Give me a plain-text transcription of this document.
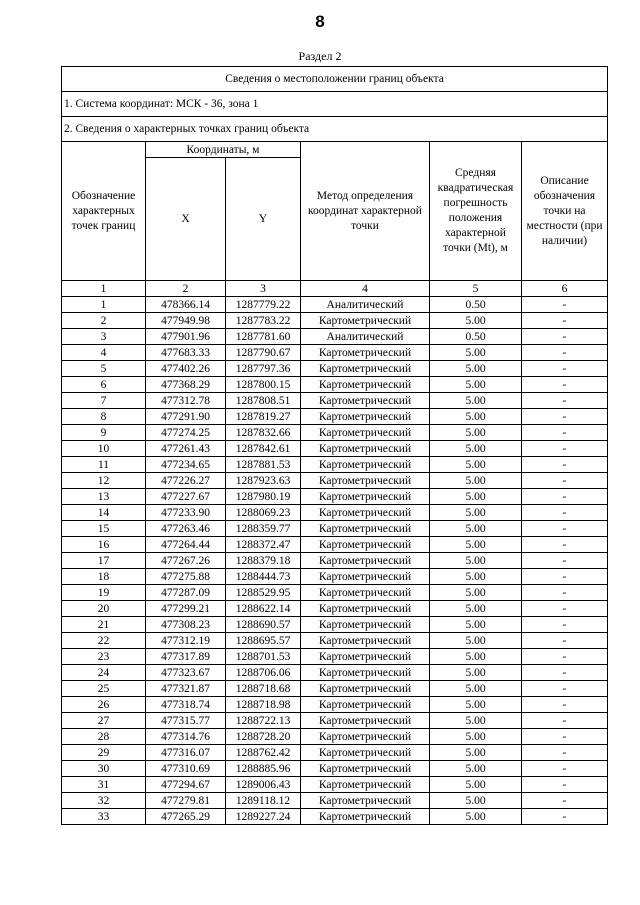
8
Раздел 2
Сведения о местоположении границ объекта					
1. Система координат: МСК - 36, зона 1					
2. Сведения о характерных точках границ объекта					
Обозначение характерных точек границ	Координаты, м		Метод определения координат характерной точки	Средняя квадратическая погрешность положения характерной точки (Mt), м	Описание обозначения точки на местности (при наличии)
	X	Y			
1	2	3	4	5	6
1	478366.14	1287779.22	Аналитический	0.50	-
2	477949.98	1287783.22	Картометрический	5.00	-
3	477901.96	1287781.60	Аналитический	0.50	-
4	477683.33	1287790.67	Картометрический	5.00	-
5	477402.26	1287797.36	Картометрический	5.00	-
6	477368.29	1287800.15	Картометрический	5.00	-
7	477312.78	1287808.51	Картометрический	5.00	-
8	477291.90	1287819.27	Картометрический	5.00	-
9	477274.25	1287832.66	Картометрический	5.00	-
10	477261.43	1287842.61	Картометрический	5.00	-
11	477234.65	1287881.53	Картометрический	5.00	-
12	477226.27	1287923.63	Картометрический	5.00	-
13	477227.67	1287980.19	Картометрический	5.00	-
14	477233.90	1288069.23	Картометрический	5.00	-
15	477263.46	1288359.77	Картометрический	5.00	-
16	477264.44	1288372.47	Картометрический	5.00	-
17	477267.26	1288379.18	Картометрический	5.00	-
18	477275.88	1288444.73	Картометрический	5.00	-
19	477287.09	1288529.95	Картометрический	5.00	-
20	477299.21	1288622.14	Картометрический	5.00	-
21	477308.23	1288690.57	Картометрический	5.00	-
22	477312.19	1288695.57	Картометрический	5.00	-
23	477317.89	1288701.53	Картометрический	5.00	-
24	477323.67	1288706.06	Картометрический	5.00	-
25	477321.87	1288718.68	Картометрический	5.00	-
26	477318.74	1288718.98	Картометрический	5.00	-
27	477315.77	1288722.13	Картометрический	5.00	-
28	477314.76	1288728.20	Картометрический	5.00	-
29	477316.07	1288762.42	Картометрический	5.00	-
30	477310.69	1288885.96	Картометрический	5.00	-
31	477294.67	1289006.43	Картометрический	5.00	-
32	477279.81	1289118.12	Картометрический	5.00	-
33	477265.29	1289227.24	Картометрический	5.00	-
